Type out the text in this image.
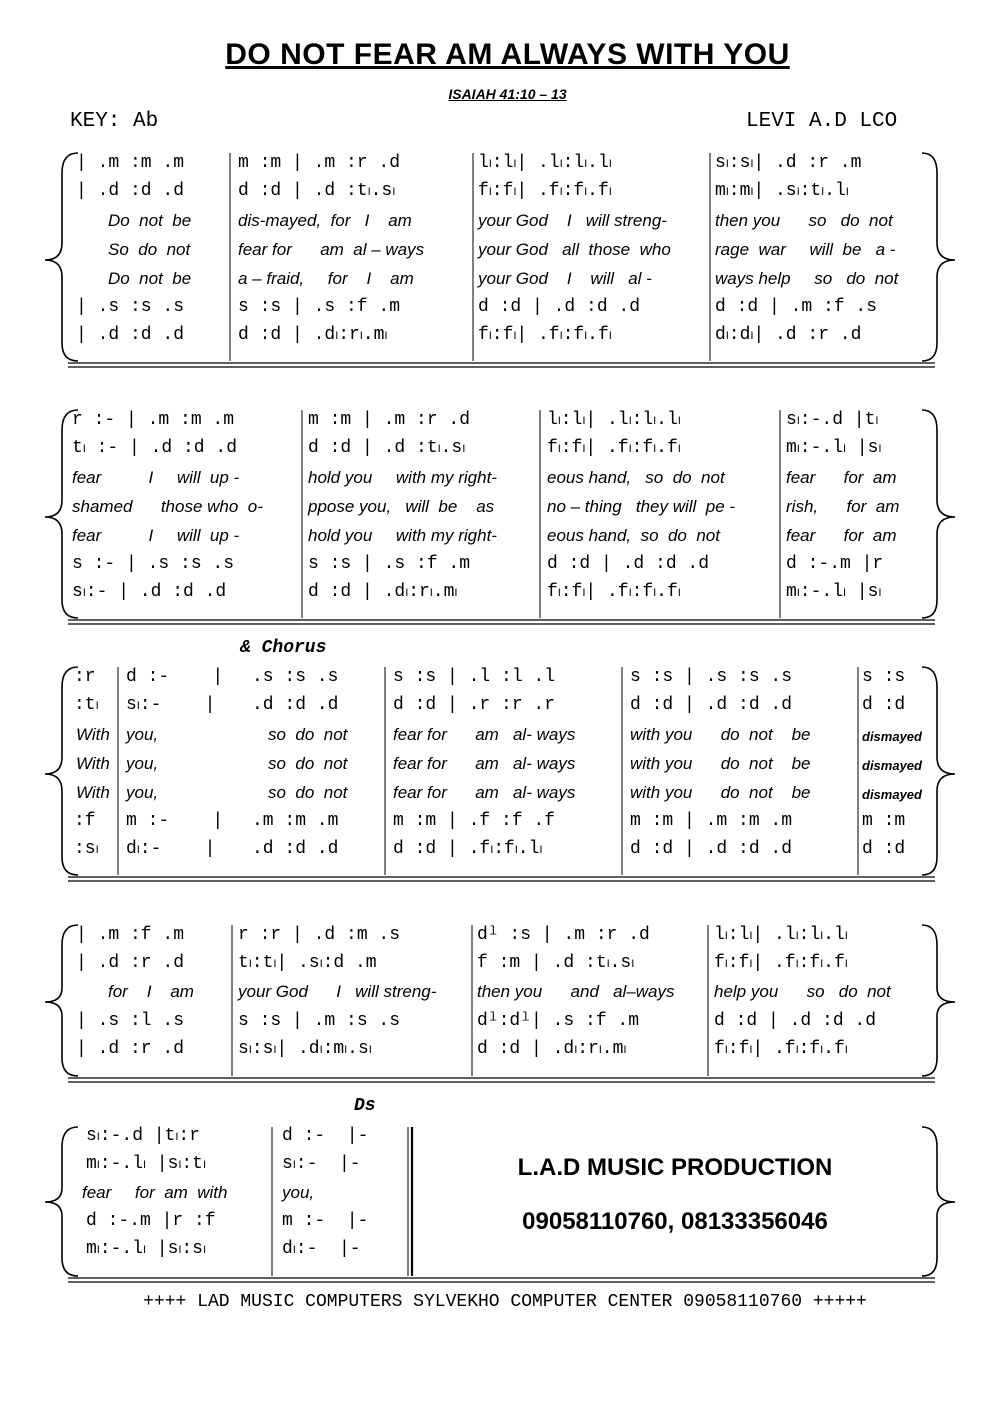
DO NOT FEAR AM ALWAYS WITH YOU
ISAIAH 41:10 – 13
KEY: Ab	LEVI A.D LCO

| .m :m .m

| .d :d .d

Do  not  be

So  do  not

Do  not  be

| .s :s .s

| .d :d .d

m :m | .m :r .d

d :d | .d :tₗ.sₗ

dis-mayed,  for   I    am

fear for      am  al – ways

a – fraid,     for    I    am

s :s | .s :f .m

d :d | .dₗ:rₗ.mₗ

lₗ:lₗ| .lₗ:lₗ.lₗ

fₗ:fₗ| .fₗ:fₗ.fₗ

your God    I   will streng-

your God   all  those  who

your God    I    will   al -

d :d | .d :d .d

fₗ:fₗ| .fₗ:fₗ.fₗ

sₗ:sₗ| .d :r .m

mₗ:mₗ| .sₗ:tₗ.lₗ

then you      so   do  not

rage  war     will  be   a -

ways help     so   do  not

d :d | .m :f .s

dₗ:dₗ| .d :r .d

r :- | .m :m .m

tₗ :- | .d :d .d

fear          I     will  up -

shamed      those who  o-

fear          I     will  up -

s :- | .s :s .s

sₗ:- | .d :d .d

m :m | .m :r .d

d :d | .d :tₗ.sₗ

hold you     with my right-

ppose you,   will  be    as

hold you     with my right-

s :s | .s :f .m

d :d | .dₗ:rₗ.mₗ

lₗ:lₗ| .lₗ:lₗ.lₗ

fₗ:fₗ| .fₗ:fₗ.fₗ

eous hand,   so  do  not

no – thing   they will  pe -

eous hand,  so  do  not

d :d | .d :d .d

fₗ:fₗ| .fₗ:fₗ.fₗ

sₗ:-.d |tₗ

mₗ:-.lₗ |sₗ

fear      for  am

rish,      for  am

fear      for  am

d :-.m |r

mₗ:-.lₗ |sₗ

& Chorus

:r

:tₗ

With

With

With

:f

:sₗ

d :-    |

sₗ:-    |

you,

you,

you,

m :-    |

dₗ:-    |

.s :s .s

.d :d .d

so  do  not

so  do  not

so  do  not

.m :m .m

.d :d .d

s :s | .l :l .l

d :d | .r :r .r

fear for      am   al- ways

fear for      am   al- ways

fear for      am   al- ways

m :m | .f :f .f

d :d | .fₗ:fₗ.lₗ

s :s | .s :s .s

d :d | .d :d .d

with you      do  not    be

with you      do  not    be

with you      do  not    be

m :m | .m :m .m

d :d | .d :d .d

s :s

d :d

dismayed

dismayed

dismayed

m :m

d :d

| .m :f .m

| .d :r .d

for    I    am

| .s :l .s

| .d :r .d

r :r | .d :m .s

tₗ:tₗ| .sₗ:d .m

your God      I   will streng-

s :s | .m :s .s

sₗ:sₗ| .dₗ:mₗ.sₗ

dˡ :s | .m :r .d

f :m | .d :tₗ.sₗ

then you      and   al–ways

dˡ:dˡ| .s :f .m

d :d | .dₗ:rₗ.mₗ

lₗ:lₗ| .lₗ:lₗ.lₗ

fₗ:fₗ| .fₗ:fₗ.fₗ

help you      so   do  not

d :d | .d :d .d

fₗ:fₗ| .fₗ:fₗ.fₗ

Ds

sₗ:-.d |tₗ:r

mₗ:-.lₗ |sₗ:tₗ

fear     for  am  with

d :-.m |r :f

mₗ:-.lₗ |sₗ:sₗ

d :-  |-

sₗ:-  |-

you,

m :-  |-

dₗ:-  |-

L.A.D MUSIC PRODUCTION
09058110760, 08133356046
++++ LAD MUSIC COMPUTERS SYLVEKHO COMPUTER CENTER 09058110760 +++++
